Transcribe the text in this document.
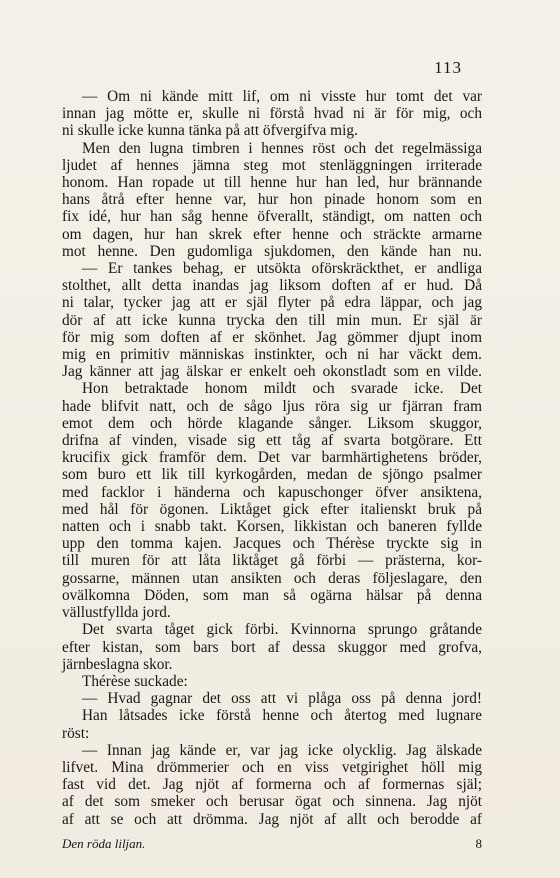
113
— Om ni kände mitt lif, om ni visste hur tomt det var
innan jag mötte er, skulle ni förstå hvad ni är för mig, och
ni skulle icke kunna tänka på att öfvergifva mig.
Men den lugna timbren i hennes röst och det regelmässiga
ljudet af hennes jämna steg mot stenläggningen irriterade
honom. Han ropade ut till henne hur han led, hur brännande
hans åtrå efter henne var, hur hon pinade honom som en
fix idé, hur han såg henne öfverallt, ständigt, om natten och
om dagen, hur han skrek efter henne och sträckte armarne
mot henne. Den gudomliga sjukdomen, den kände han nu.
— Er tankes behag, er utsökta oförskräckthet, er andliga
stolthet, allt detta inandas jag liksom doften af er hud. Då
ni talar, tycker jag att er själ flyter på edra läppar, och jag
dör af att icke kunna trycka den till min mun. Er själ är
för mig som doften af er skönhet. Jag gömmer djupt inom
mig en primitiv människas instinkter, och ni har väckt dem.
Jag känner att jag älskar er enkelt oeh okonstladt som en vilde.
Hon betraktade honom mildt och svarade icke. Det
hade blifvit natt, och de sågo ljus röra sig ur fjärran fram
emot dem och hörde klagande sånger. Liksom skuggor,
drifna af vinden, visade sig ett tåg af svarta botgörare. Ett
krucifix gick framför dem. Det var barmhärtighetens bröder,
som buro ett lik till kyrkogården, medan de sjöngo psalmer
med facklor i händerna och kapuschonger öfver ansiktena,
med hål för ögonen. Liktåget gick efter italienskt bruk på
natten och i snabb takt. Korsen, likkistan och baneren fyllde
upp den tomma kajen. Jacques och Thérèse tryckte sig in
till muren för att låta liktåget gå förbi — prästerna, kor-
gossarne, männen utan ansikten och deras följeslagare, den
ovälkomna Döden, som man så ogärna hälsar på denna
vällustfyllda jord.
Det svarta tåget gick förbi. Kvinnorna sprungo gråtande
efter kistan, som bars bort af dessa skuggor med grofva,
järnbeslagna skor.
Thérèse suckade:
— Hvad gagnar det oss att vi plåga oss på denna jord!
Han låtsades icke förstå henne och återtog med lugnare
röst:
— Innan jag kände er, var jag icke olycklig. Jag älskade
lifvet. Mina drömmerier och en viss vetgirighet höll mig
fast vid det. Jag njöt af formerna och af formernas själ;
af det som smeker och berusar ögat och sinnena. Jag njöt
af att se och att drömma. Jag njöt af allt och berodde af
Den röda liljan.	8
